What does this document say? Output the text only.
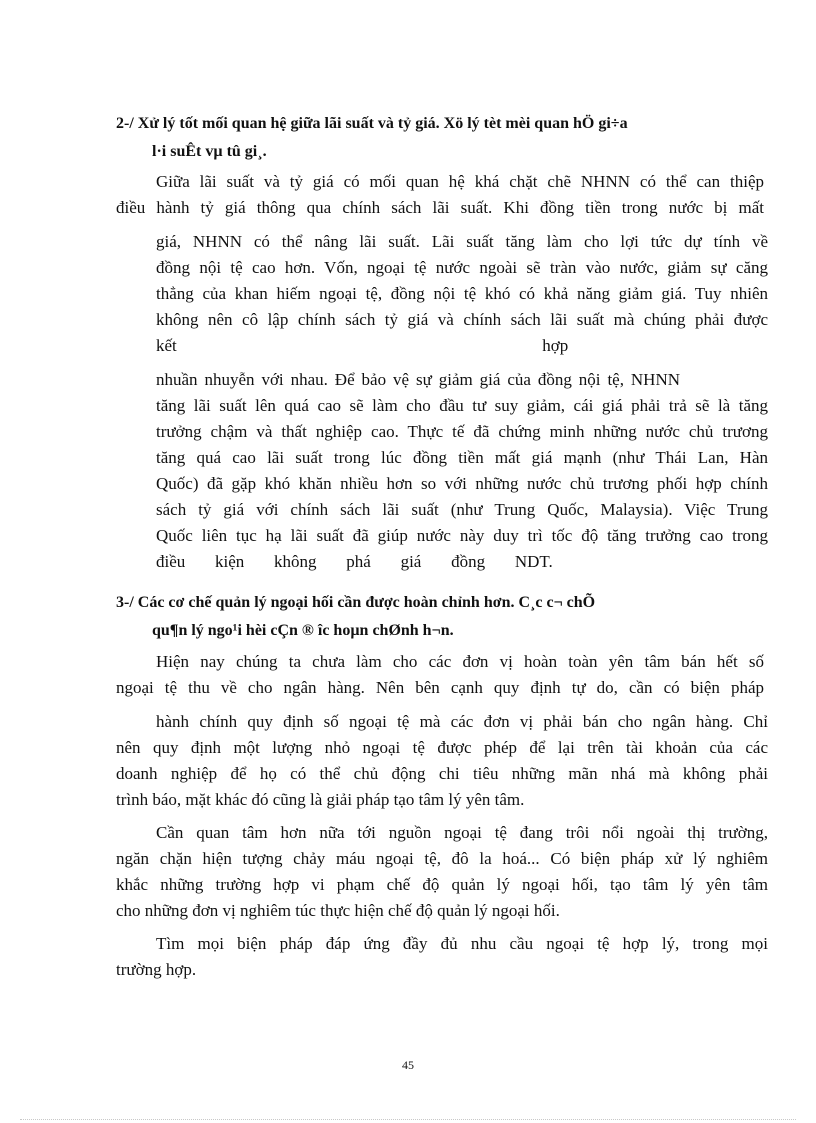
2-/ Xử lý tốt mối quan hệ giữa lãi suất và tỷ giá. Xö lý tèt mèi quan hÖ gi÷a
l·i suÊt vµ tû gi¸.
Giữa lãi suất và tỷ giá có mối quan hệ khá chặt chẽ NHNN có thể can thiệp
điều hành tỷ giá thông qua chính sách lãi suất. Khi đồng tiền trong nước bị mất
giá, NHNN có thể nâng lãi suất. Lãi suất tăng làm cho lợi tức dự tính về
đồng nội tệ cao hơn. Vốn, ngoại tệ nước ngoài sẽ tràn vào nước, giảm sự căng
thẳng của khan hiếm ngoại tệ, đồng nội tệ khó có khả năng giảm giá. Tuy nhiên
không nên cô lập chính sách tỷ giá và chính sách lãi suất mà chúng phải được
kết                                                                                      hợp
nhuần nhuyễn với nhau. Để bảo vệ sự giảm giá của đồng nội tệ, NHNN
tăng lãi suất lên quá cao sẽ làm cho đầu tư suy giảm, cái giá phải trả sẽ là tăng
trưởng chậm và thất nghiệp cao. Thực tế đã chứng minh những nước chủ trương
tăng quá cao lãi suất trong lúc đồng tiền mất giá mạnh (như Thái Lan, Hàn
Quốc) đã gặp khó khăn nhiều hơn so với những nước chủ trương phối hợp chính
sách tỷ giá với chính sách lãi suất (như Trung Quốc, Malaysia). Việc Trung
Quốc liên tục hạ lãi suất đã giúp nước này duy trì tốc độ tăng trưởng cao trong
điều       kiện       không       phá       giá       đồng       NDT.
3-/ Các cơ chế quản lý ngoại hối cần được hoàn chỉnh hơn. C¸c c¬ chÕ
qu¶n lý ngo¹i hèi cÇn ® îc hoµn chØnh h¬n.
Hiện nay chúng ta chưa làm cho các đơn vị hoàn toàn yên tâm bán hết số
ngoại tệ thu về cho ngân hàng. Nên bên cạnh quy định tự do, cần có biện pháp
hành chính quy định số ngoại tệ mà các đơn vị phải bán cho ngân hàng. Chỉ
nên quy định một lượng nhỏ ngoại tệ được phép để lại trên tài khoản của các
doanh nghiệp để họ có thể chủ động chi tiêu những mãn nhá mà không phải
trình báo, mặt khác đó cũng là giải pháp tạo tâm lý yên tâm.
Cần quan tâm hơn nữa tới nguồn ngoại tệ đang trôi nổi ngoài thị trường,
ngăn chặn hiện tượng chảy máu ngoại tệ, đô la hoá... Có biện pháp xử lý nghiêm
khắc những trường hợp vi phạm chế độ quản lý ngoại hối, tạo tâm lý yên tâm
cho những đơn vị nghiêm túc thực hiện chế độ quản lý ngoại hối.
Tìm mọi biện pháp đáp ứng đầy đủ nhu cầu ngoại tệ hợp lý, trong mọi
trường hợp.
45
